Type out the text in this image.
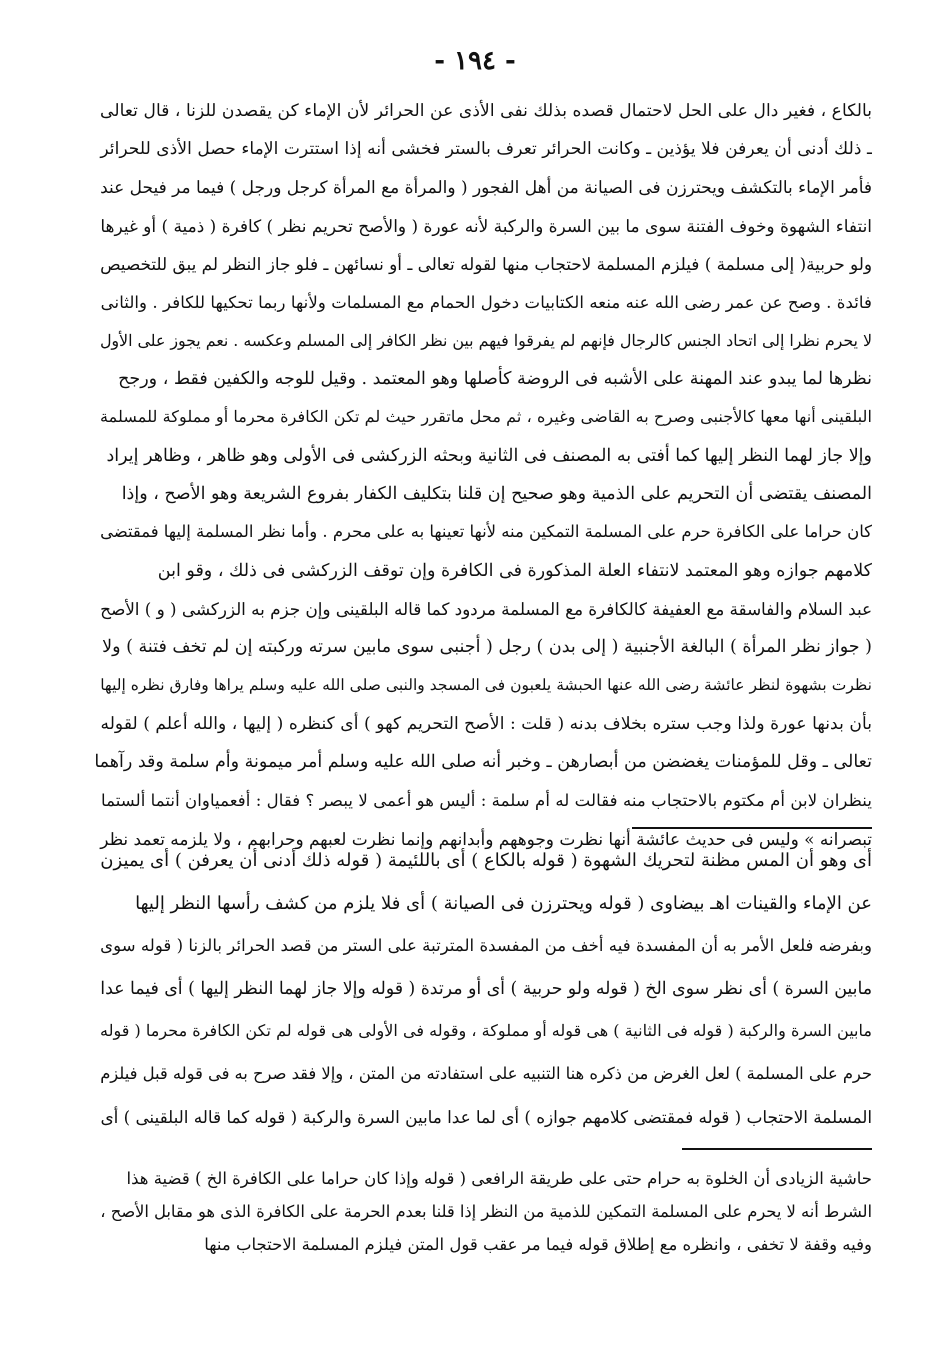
- ١٩٤ -
بالكاع ، فغير دال على الحل لاحتمال قصده بذلك نفى الأذى عن الحرائر لأن الإماء كن يقصدن للزنا ، قال تعالى
ـ ذلك أدنى أن يعرفن فلا يؤذين ـ وكانت الحرائر تعرف بالستر فخشى أنه إذا استترت الإماء حصل الأذى للحرائر
فأمر الإماء بالتكشف ويحترزن فى الصيانة من أهل الفجور ( والمرأة مع المرأة كرجل ورجل ) فيما مر فيحل عند
انتفاء الشهوة وخوف الفتنة سوى ما بين السرة والركبة لأنه عورة ( والأصح تحريم نظر ) كافرة ( ذمية ) أو غيرها
ولو حربية( إلى مسلمة ) فيلزم المسلمة لاحتجاب منها لقوله تعالى ـ أو نسائهن ـ فلو جاز النظر لم يبق للتخصيص
فائدة . وصح عن عمر رضى الله عنه منعه الكتابيات دخول الحمام مع المسلمات ولأنها ربما تحكيها للكافر . والثانى
لا يحرم نظرا إلى اتحاد الجنس كالرجال فإنهم لم يفرقوا فيهم بين نظر الكافر إلى المسلم وعكسه . نعم يجوز على الأول
نظرها لما يبدو عند المهنة على الأشبه فى الروضة كأصلها وهو المعتمد . وقيل للوجه والكفين فقط ، ورجح
البلقينى أنها معها كالأجنبى وصرح به القاضى وغيره ، ثم محل ماتقرر حيث لم تكن الكافرة محرما أو مملوكة للمسلمة
وإلا جاز لهما النظر إليها كما أفتى به المصنف فى الثانية وبحثه الزركشى فى الأولى وهو ظاهر ، وظاهر إيراد
المصنف يقتضى أن التحريم على الذمية وهو صحيح إن قلنا بتكليف الكفار بفروع الشريعة وهو الأصح ، وإذا
كان حراما على الكافرة حرم على المسلمة التمكين منه لأنها تعينها به على محرم . وأما نظر المسلمة إليها فمقتضى
كلامهم جوازه وهو المعتمد لانتفاء العلة المذكورة فى الكافرة وإن توقف الزركشى فى ذلك ، وقو ابن
عبد السلام والفاسقة مع العفيفة كالكافرة مع المسلمة مردود كما قاله البلقينى وإن جزم به الزركشى ( و ) الأصح
( جواز نظر المرأة ) البالغة الأجنبية ( إلى بدن ) رجل ( أجنبى سوى مابين سرته وركبته إن لم تخف فتنة ) ولا
نظرت بشهوة لنظر عائشة رضى الله عنها الحبشة يلعبون فى المسجد والنبى صلى الله عليه وسلم يراها وفارق نظره إليها
بأن بدنها عورة ولذا وجب ستره بخلاف بدنه ( قلت : الأصح التحريم كهو ) أى كنظره ( إليها ، والله أعلم ) لقوله
تعالى ـ وقل للمؤمنات يغضضن من أبصارهن ـ وخبر أنه صلى الله عليه وسلم أمر ميمونة وأم سلمة وقد رآهما
ينظران لابن أم مكتوم بالاحتجاب منه فقالت له أم سلمة : أليس هو أعمى لا يبصر ؟ فقال : أفعمياوان أنتما ألستما
تبصرانه » وليس فى حديث عائشة أنها نظرت وجوههم وأبدانهم وإنما نظرت لعبهم وحرابهم ، ولا يلزمه تعمد نظر
أى وهو أن المس مظنة لتحريك الشهوة ( قوله بالكاع ) أى باللئيمة ( قوله ذلك أدنى أن يعرفن ) أى يميزن
عن الإماء والقينات اهـ بيضاوى ( قوله ويحترزن فى الصيانة ) أى فلا يلزم من كشف رأسها النظر إليها
وبفرضه فلعل الأمر به أن المفسدة فيه أخف من المفسدة المترتبة على الستر من قصد الحرائر بالزنا ( قوله سوى
مابين السرة ) أى نظر سوى الخ ( قوله ولو حربية ) أى أو مرتدة ( قوله وإلا جاز لهما النظر إليها ) أى فيما عدا
مابين السرة والركبة ( قوله فى الثانية ) هى قوله أو مملوكة ، وقوله فى الأولى هى قوله لم تكن الكافرة محرما ( قوله
حرم على المسلمة ) لعل الغرض من ذكره هنا التنبيه على استفادته من المتن ، وإلا فقد صرح به فى قوله قبل فيلزم
المسلمة الاحتجاب ( قوله فمقتضى كلامهم جوازه ) أى لما عدا مابين السرة والركبة ( قوله كما قاله البلقينى ) أى
حاشية الزيادى أن الخلوة به حرام حتى على طريقة الرافعى ( قوله وإذا كان حراما على الكافرة الخ ) قضية هذا
الشرط أنه لا يحرم على المسلمة التمكين للذمية من النظر إذا قلنا بعدم الحرمة على الكافرة الذى هو مقابل الأصح ،
وفيه وقفة لا تخفى ، وانظره مع إطلاق قوله فيما مر عقب قول المتن فيلزم المسلمة الاحتجاب منها
